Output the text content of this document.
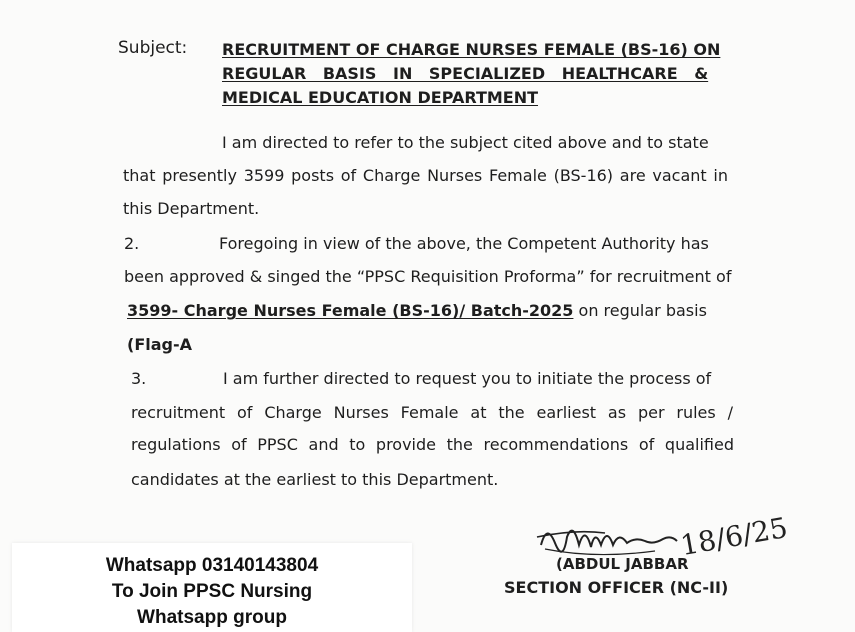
Subject: RECRUITMENT OF CHARGE NURSES FEMALE (BS-16) ON
REGULAR BASIS IN SPECIALIZED HEALTHCARE &
MEDICAL EDUCATION DEPARTMENT
I am directed to refer to the subject cited above and to state
that presently 3599 posts of Charge Nurses Female (BS-16) are vacant in
this Department.
2.	Foregoing in view of the above, the Competent Authority has
been approved & singed the “PPSC Requisition Proforma” for recruitment of
3599- Charge Nurses Female (BS-16)/ Batch-2025 on regular basis
(Flag-A
3.	I am further directed to request you to initiate the process of
recruitment of Charge Nurses Female at the earliest as per rules /
regulations of PPSC and to provide the recommendations of qualified
candidates at the earliest to this Department.
18/6/25
(ABDUL JABBAR
SECTION OFFICER (NC-II)
Whatsapp 03140143804
To Join PPSC Nursing
Whatsapp group
